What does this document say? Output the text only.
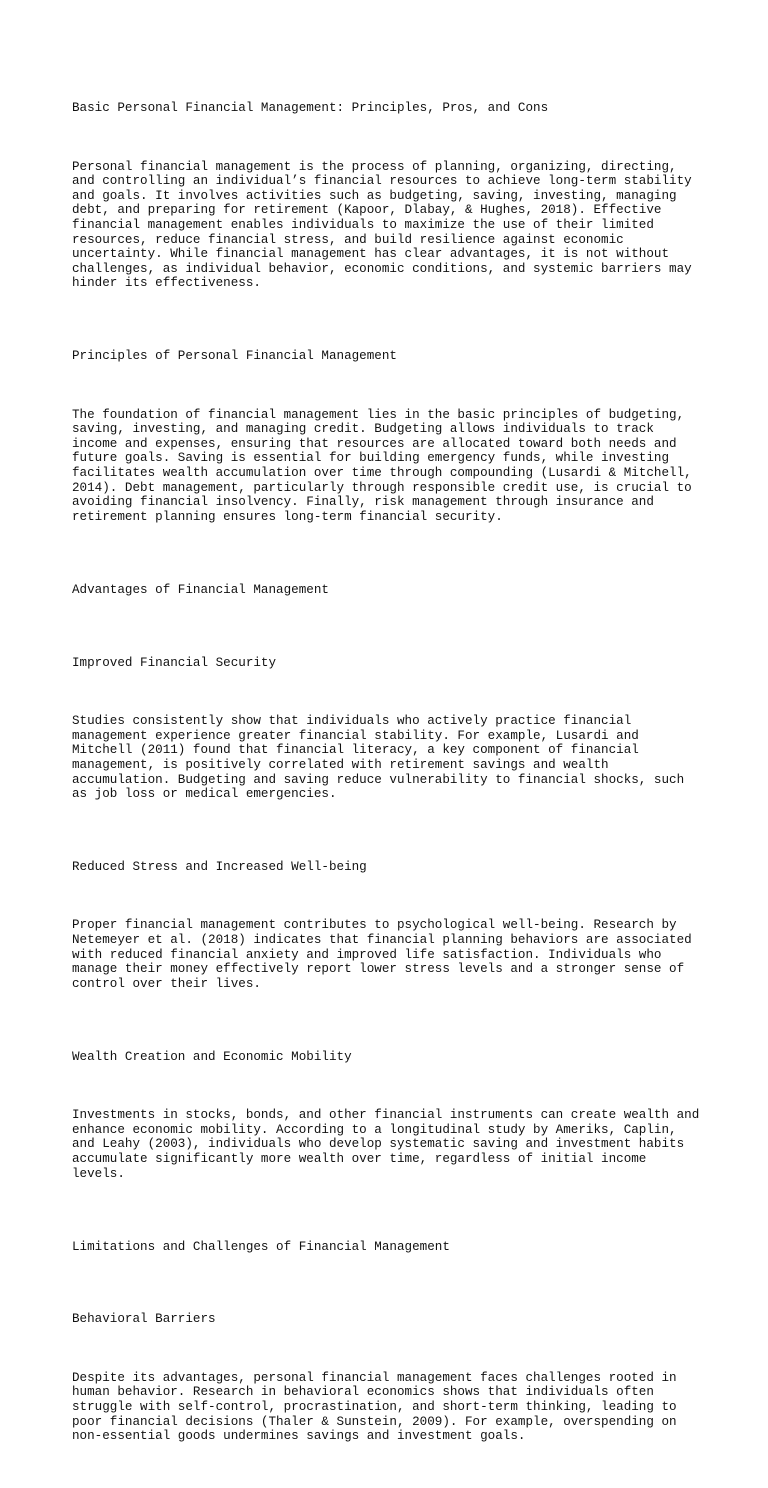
Basic Personal Financial Management: Principles, Pros, and Cons

Personal financial management is the process of planning, organizing, directing,
and controlling an individual’s financial resources to achieve long-term stability
and goals. It involves activities such as budgeting, saving, investing, managing
debt, and preparing for retirement (Kapoor, Dlabay, & Hughes, 2018). Effective
financial management enables individuals to maximize the use of their limited
resources, reduce financial stress, and build resilience against economic
uncertainty. While financial management has clear advantages, it is not without
challenges, as individual behavior, economic conditions, and systemic barriers may
hinder its effectiveness.

Principles of Personal Financial Management

The foundation of financial management lies in the basic principles of budgeting,
saving, investing, and managing credit. Budgeting allows individuals to track
income and expenses, ensuring that resources are allocated toward both needs and
future goals. Saving is essential for building emergency funds, while investing
facilitates wealth accumulation over time through compounding (Lusardi & Mitchell,
2014). Debt management, particularly through responsible credit use, is crucial to
avoiding financial insolvency. Finally, risk management through insurance and
retirement planning ensures long-term financial security.

Advantages of Financial Management

Improved Financial Security

Studies consistently show that individuals who actively practice financial
management experience greater financial stability. For example, Lusardi and
Mitchell (2011) found that financial literacy, a key component of financial
management, is positively correlated with retirement savings and wealth
accumulation. Budgeting and saving reduce vulnerability to financial shocks, such
as job loss or medical emergencies.

Reduced Stress and Increased Well-being

Proper financial management contributes to psychological well-being. Research by
Netemeyer et al. (2018) indicates that financial planning behaviors are associated
with reduced financial anxiety and improved life satisfaction. Individuals who
manage their money effectively report lower stress levels and a stronger sense of
control over their lives.

Wealth Creation and Economic Mobility

Investments in stocks, bonds, and other financial instruments can create wealth and
enhance economic mobility. According to a longitudinal study by Ameriks, Caplin,
and Leahy (2003), individuals who develop systematic saving and investment habits
accumulate significantly more wealth over time, regardless of initial income
levels.

Limitations and Challenges of Financial Management

Behavioral Barriers

Despite its advantages, personal financial management faces challenges rooted in
human behavior. Research in behavioral economics shows that individuals often
struggle with self-control, procrastination, and short-term thinking, leading to
poor financial decisions (Thaler & Sunstein, 2009). For example, overspending on
non-essential goods undermines savings and investment goals.
